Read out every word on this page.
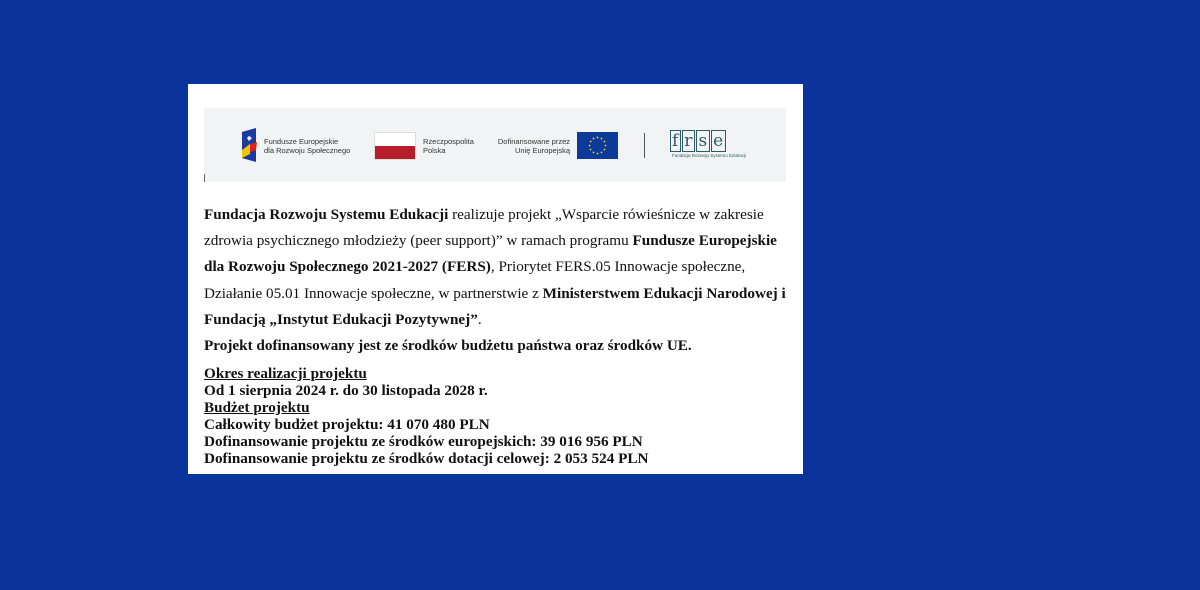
Fundusze Europejskie
dla Rozwoju Społecznego
Rzeczpospolita
Polska
Dofinansowane przez
Unię Europejską	f r s e
Fundacja Rozwoju Systemu Edukacji
Fundacja Rozwoju Systemu Edukacji realizuje projekt „Wsparcie rówieśnicze w zakresie
zdrowia psychicznego młodzieży (peer support)” w ramach programu Fundusze Europejskie
dla Rozwoju Społecznego 2021-2027 (FERS), Priorytet FERS.05 Innowacje społeczne,
Działanie 05.01 Innowacje społeczne, w partnerstwie z Ministerstwem Edukacji Narodowej i
Fundacją „Instytut Edukacji Pozytywnej”.
Projekt dofinansowany jest ze środków budżetu państwa oraz środków UE.
Okres realizacji projektu
Od 1 sierpnia 2024 r. do 30 listopada 2028 r.
Budżet projektu
Całkowity budżet projektu: 41 070 480 PLN
Dofinansowanie projektu ze środków europejskich: 39 016 956 PLN
Dofinansowanie projektu ze środków dotacji celowej: 2 053 524 PLN
